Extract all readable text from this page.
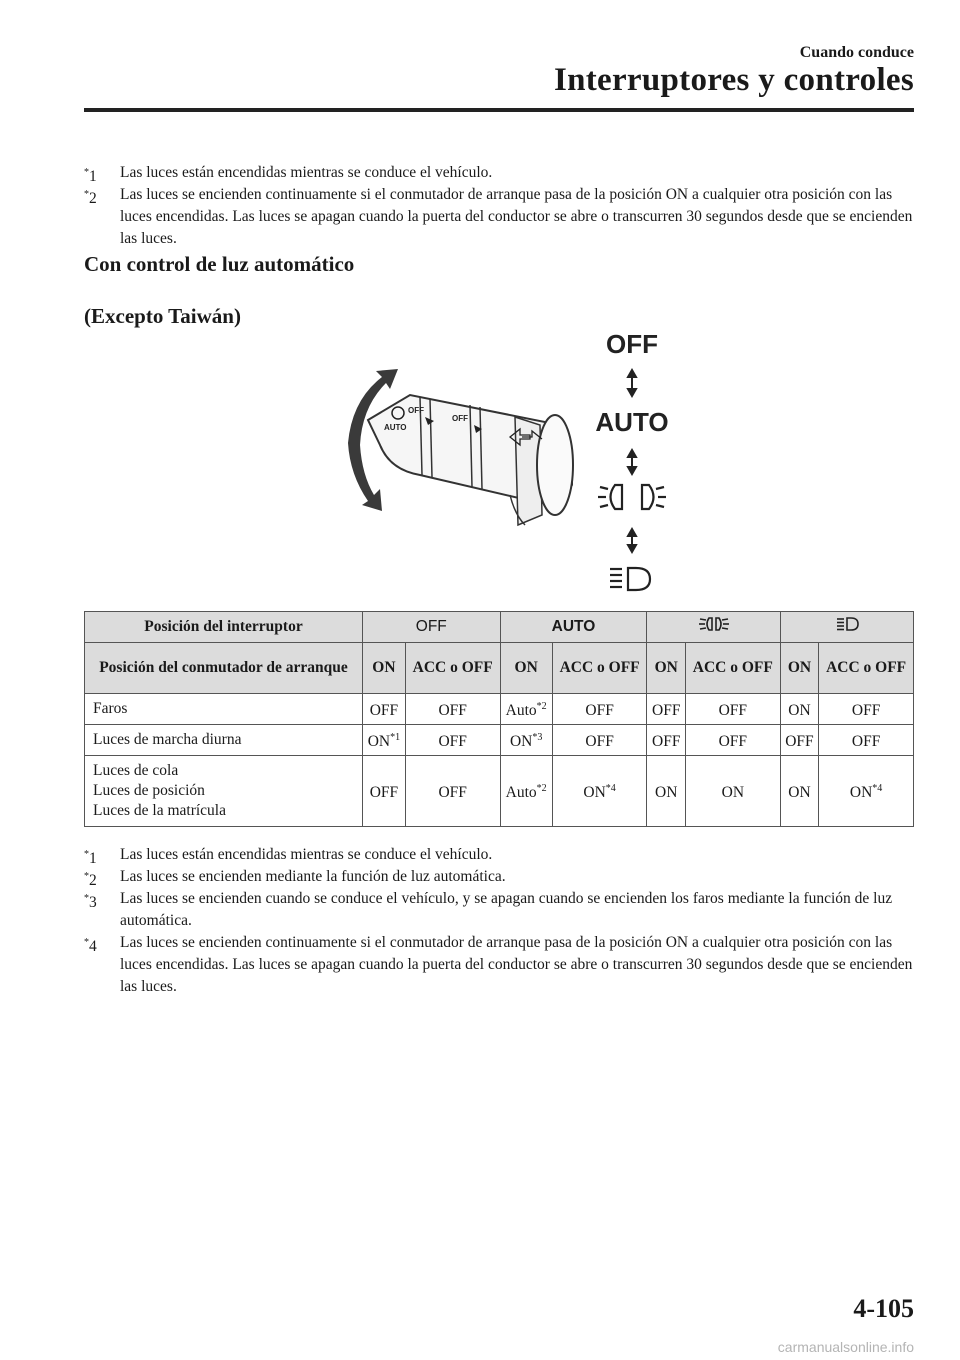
Cuando conduce
Interruptores y controles
*1 Las luces están encendidas mientras se conduce el vehículo.
*2 Las luces se encienden continuamente si el conmutador de arranque pasa de la posición ON a cualquier otra posición con las luces encendidas. Las luces se apagan cuando la puerta del conductor se abre o transcurren 30 segundos desde que se encienden las luces.
Con control de luz automático
(Excepto Taiwán)
OFF
AUTO
OFF
OFF
AUTO
Posición del interruptor	OFF		AUTO		
Posición del conmutador de arranque	ON	ACC o OFF	ON	ACC o OFF	ON	ACC o OFF	ON	ACC o OFF
Faros	OFF	OFF	Auto$^{*2}$	OFF	OFF	OFF	ON	OFF
Luces de marcha diurna	ON$^{*1}$	OFF	ON$^{*3}$	OFF	OFF	OFF	OFF	OFF

Luces de cola
Luces de posición
Luces de la matrícula	OFF	OFF	Auto$^{*2}$	ON$^{*4}$	ON	ON	ON	ON$^{*4}$
*1 Las luces están encendidas mientras se conduce el vehículo.
*2 Las luces se encienden mediante la función de luz automática.
*3 Las luces se encienden cuando se conduce el vehículo, y se apagan cuando se encienden los faros mediante la función de luz automática.
*4 Las luces se encienden continuamente si el conmutador de arranque pasa de la posición ON a cualquier otra posición con las luces encendidas. Las luces se apagan cuando la puerta del conductor se abre o transcurren 30 segundos desde que se encienden las luces.
4-105
carmanualsonline.info
